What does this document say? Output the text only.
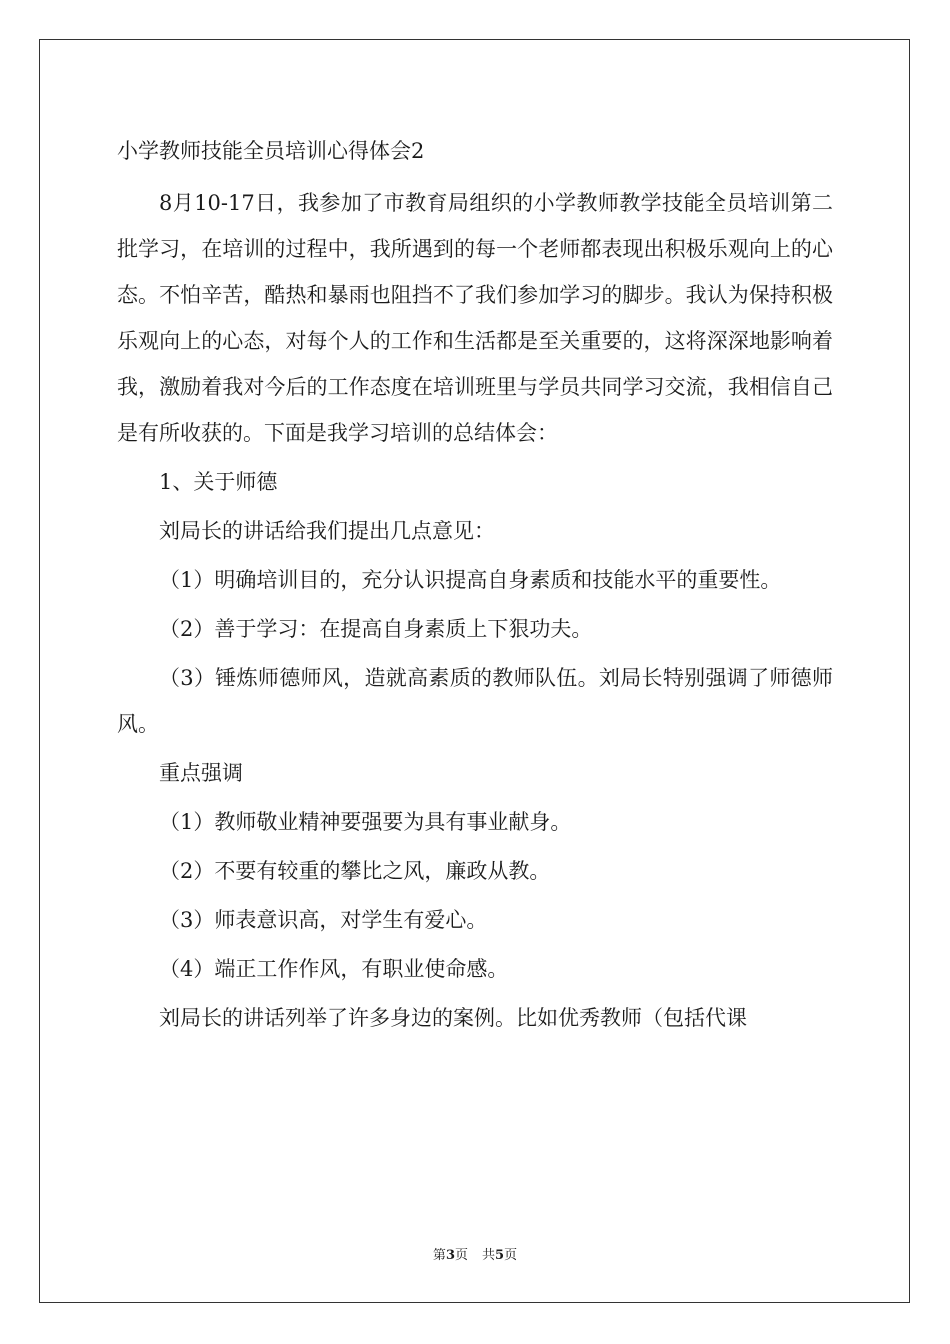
小学教师技能全员培训心得体会2

8月10-17日，我参加了市教育局组织的小学教师教学技能全员培训第二批学习，在培训的过程中，我所遇到的每一个老师都表现出积极乐观向上的心态。不怕辛苦，酷热和暴雨也阻挡不了我们参加学习的脚步。我认为保持积极乐观向上的心态，对每个人的工作和生活都是至关重要的，这将深深地影响着我，激励着我对今后的工作态度在培训班里与学员共同学习交流，我相信自己是有所收获的。下面是我学习培训的总结体会：

1、关于师德

刘局长的讲话给我们提出几点意见：

（1）明确培训目的，充分认识提高自身素质和技能水平的重要性。

（2）善于学习：在提高自身素质上下狠功夫。

（3）锤炼师德师风，造就高素质的教师队伍。刘局长特别强调了师德师风。

重点强调

（1）教师敬业精神要强要为具有事业献身。

（2）不要有较重的攀比之风，廉政从教。

（3）师表意识高，对学生有爱心。

（4）端正工作作风，有职业使命感。

刘局长的讲话列举了许多身边的案例。比如优秀教师（包括代课

第3页 共5页
